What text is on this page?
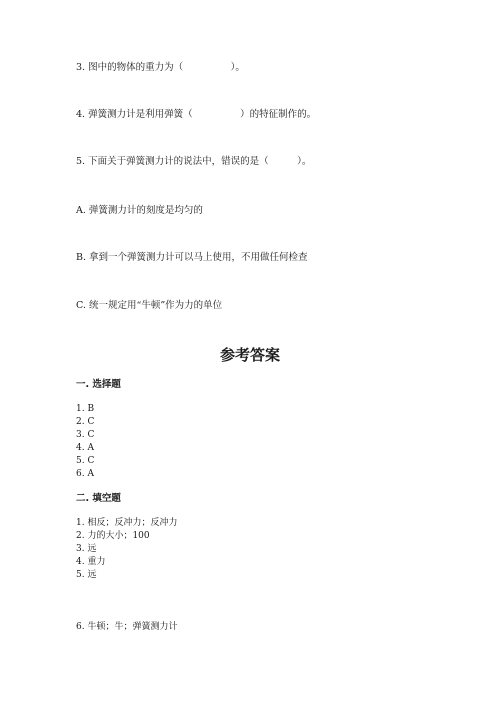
3. 图中的物体的重力为（　　　　　）。
4. 弹簧测力计是利用弹簧（　　　　　）的特征制作的。
5. 下面关于弹簧测力计的说法中，错误的是（　　　）。
A. 弹簧测力计的刻度是均匀的
B. 拿到一个弹簧测力计可以马上使用，不用做任何检查
C. 统一规定用“牛顿”作为力的单位
参考答案
一. 选择题
1. B
2. C
3. C
4. A
5. C
6. A
二. 填空题
1. 相反；反冲力；反冲力
2. 力的大小；100
3. 远
4. 重力
5. 远
6. 牛顿；牛；弹簧测力计
